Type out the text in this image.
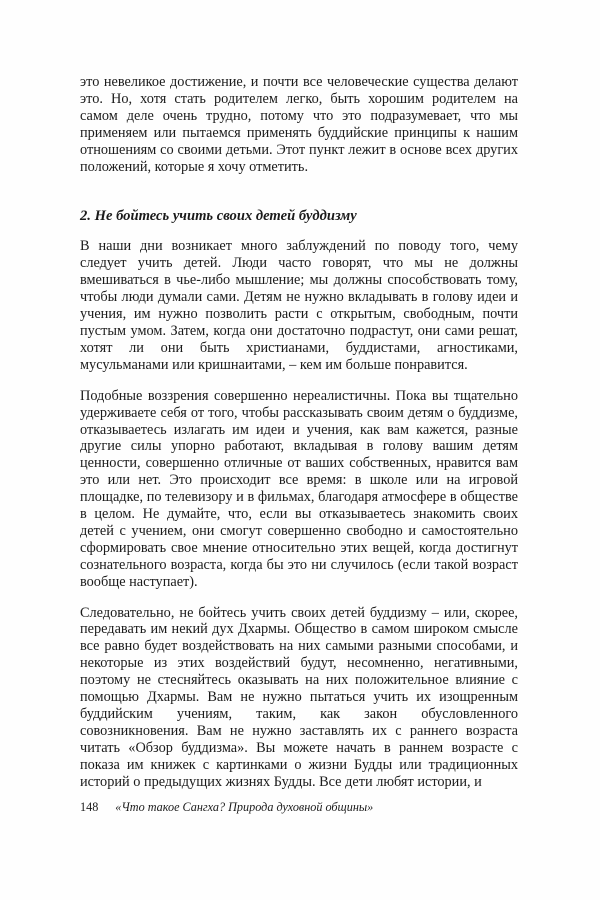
это невеликое достижение, и почти все человеческие существа делают это. Но, хотя стать родителем легко, быть хорошим родителем на самом деле очень трудно, потому что это подразумевает, что мы применяем или пытаемся применять буддийские принципы к нашим отношениям со своими детьми. Этот пункт лежит в основе всех других положений, которые я хочу отметить.

2. Не бойтесь учить своих детей буддизму

В наши дни возникает много заблуждений по поводу того, чему следует учить детей. Люди часто говорят, что мы не должны вмешиваться в чье-либо мышление; мы должны способствовать тому, чтобы люди думали сами. Детям не нужно вкладывать в голову идеи и учения, им нужно позволить расти с открытым, свободным, почти пустым умом. Затем, когда они достаточно подрастут, они сами решат, хотят ли они быть христианами, буддистами, агностиками, мусульманами или кришнаитами, – кем им больше понравится.

Подобные воззрения совершенно нереалистичны. Пока вы тщательно удерживаете себя от того, чтобы рассказывать своим детям о буддизме, отказываетесь излагать им идеи и учения, как вам кажется, разные другие силы упорно работают, вкладывая в голову вашим детям ценности, совершенно отличные от ваших собственных, нравится вам это или нет. Это происходит все время: в школе или на игровой площадке, по телевизору и в фильмах, благодаря атмосфере в обществе в целом. Не думайте, что, если вы отказываетесь знакомить своих детей с учением, они смогут совершенно свободно и самостоятельно сформировать свое мнение относительно этих вещей, когда достигнут сознательного возраста, когда бы это ни случилось (если такой возраст вообще наступает).

Следовательно, не бойтесь учить своих детей буддизму – или, скорее, передавать им некий дух Дхармы. Общество в самом широком смысле все равно будет воздействовать на них самыми разными способами, и некоторые из этих воздействий будут, несомненно, негативными, поэтому не стесняйтесь оказывать на них положительное влияние с помощью Дхармы. Вам не нужно пытаться учить их изощренным буддийским учениям, таким, как закон обусловленного совозникновения. Вам не нужно заставлять их с раннего возраста читать «Обзор буддизма». Вы можете начать в раннем возрасте с показа им книжек с картинками о жизни Будды или традиционных историй о предыдущих жизнях Будды. Все дети любят истории, и

148 «Что такое Сангха? Природа духовной общины»
